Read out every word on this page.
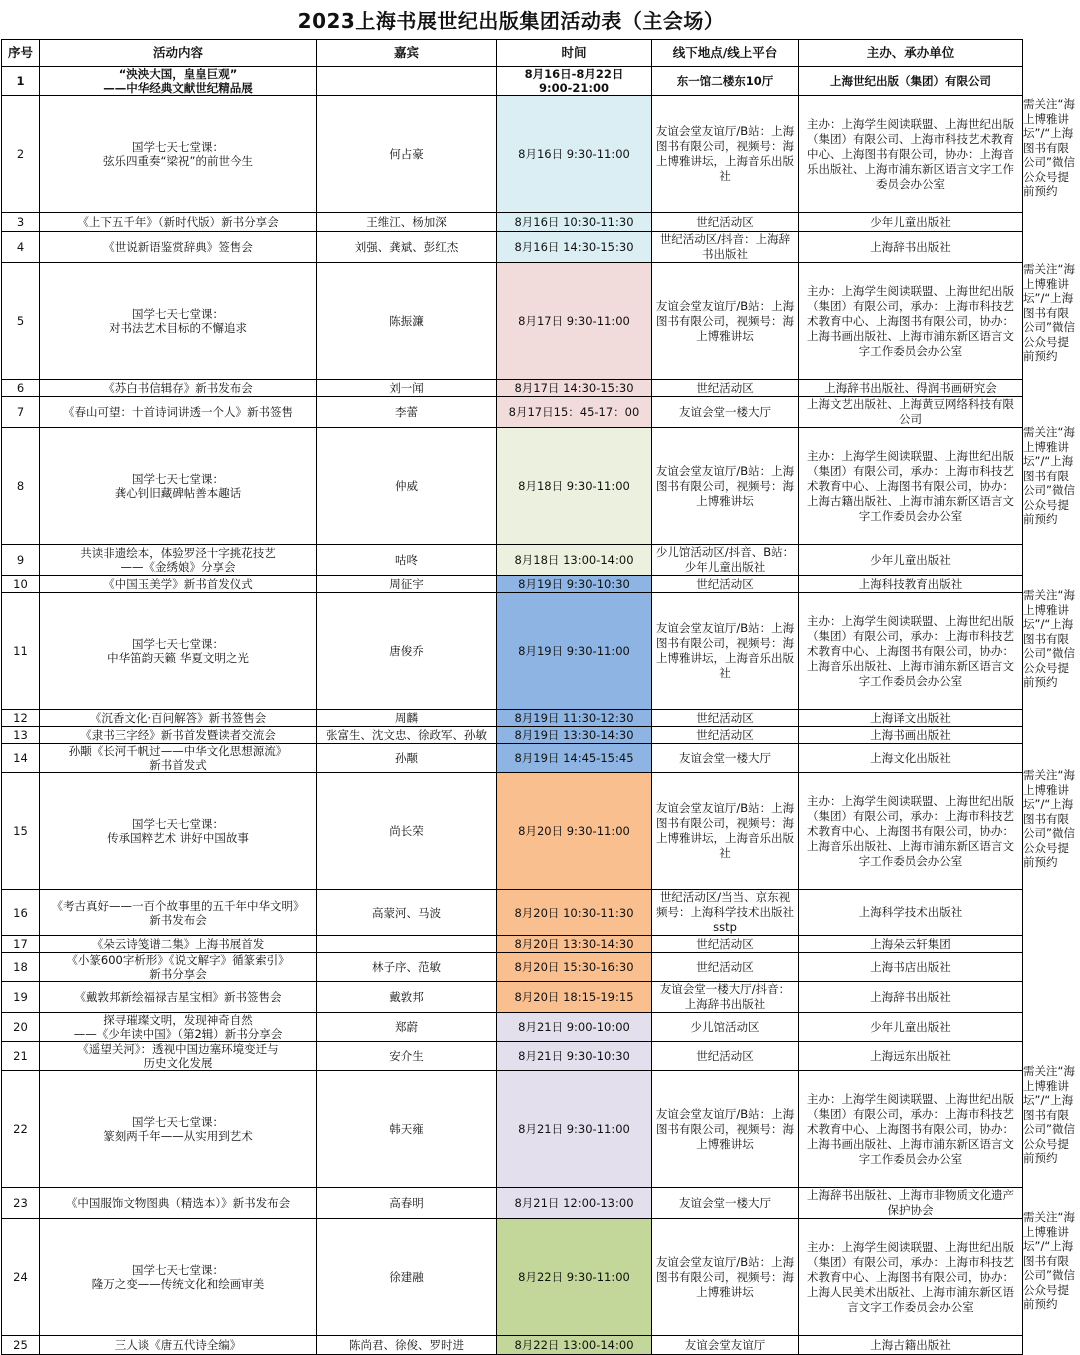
2023上海书展世纪出版集团活动表（主会场）
序号	活动内容	嘉宾	时间	线下地点/线上平台	主办、承办单位
1	“泱泱大国，皇皇巨观”
——中华经典文献世纪精品展		8月16日-8月22日
9:00-21:00	东一馆二楼东10厅	上海世纪出版（集团）有限公司
2	国学七天七堂课：
弦乐四重奏“梁祝”的前世今生	何占豪	8月16日 9:30-11:00	友谊会堂友谊厅/B站：上海图书有限公司，视频号：海上博雅讲坛，上海音乐出版社	主办：上海学生阅读联盟、上海世纪出版（集团）有限公司、上海市科技艺术教育中心、上海图书有限公司，协办：上海音乐出版社、上海市浦东新区语言文字工作委员会办公室
3	《上下五千年》（新时代版）新书分享会	王维江、杨加深	8月16日 10:30-11:30	世纪活动区	少年儿童出版社
4	《世说新语鉴赏辞典》签售会	刘强、龚斌、彭红杰	8月16日 14:30-15:30	世纪活动区/抖音：上海辞书出版社	上海辞书出版社
5	国学七天七堂课：
对书法艺术目标的不懈追求	陈振濂	8月17日 9:30-11:00	友谊会堂友谊厅/B站：上海图书有限公司，视频号：海上博雅讲坛	主办：上海学生阅读联盟、上海世纪出版（集团）有限公司，承办：上海市科技艺术教育中心、上海图书有限公司，协办：上海书画出版社、上海市浦东新区语言文字工作委员会办公室
6	《苏白书信辑存》新书发布会	刘一闻	8月17日 14:30-15:30	世纪活动区	上海辞书出版社、得润书画研究会
7	《春山可望：十首诗词讲透一个人》新书签售	李蕾	8月17日15：45-17：00	友谊会堂一楼大厅	上海文艺出版社、上海黄豆网络科技有限公司
8	国学七天七堂课：
龚心钊旧藏碑帖善本趣话	仲威	8月18日 9:30-11:00	友谊会堂友谊厅/B站：上海图书有限公司，视频号：海上博雅讲坛	主办：上海学生阅读联盟、上海世纪出版（集团）有限公司，承办：上海市科技艺术教育中心、上海图书有限公司，协办：上海古籍出版社、上海市浦东新区语言文字工作委员会办公室
9	共读非遗绘本，体验罗泾十字挑花技艺
——《金绣娘》分享会	咕咚	8月18日 13:00-14:00	少儿馆活动区/抖音、B站：少年儿童出版社	少年儿童出版社
10	《中国玉美学》新书首发仪式	周征宇	8月19日 9:30-10:30	世纪活动区	上海科技教育出版社
11	国学七天七堂课：
中华笛韵天籁 华夏文明之光	唐俊乔	8月19日 9:30-11:00	友谊会堂友谊厅/B站：上海图书有限公司，视频号：海上博雅讲坛，上海音乐出版社	主办：上海学生阅读联盟、上海世纪出版（集团）有限公司，承办：上海市科技艺术教育中心、上海图书有限公司，协办：上海音乐出版社、上海市浦东新区语言文字工作委员会办公室
12	《沉香文化·百问解答》新书签售会	周麟	8月19日 11:30-12:30	世纪活动区	上海译文出版社
13	《隶书三字经》新书首发暨读者交流会	张富生、沈文忠、徐政军、孙敏	8月19日 13:30-14:30	世纪活动区	上海书画出版社
14	孙颙《长河千帆过——中华文化思想源流》
新书首发式	孙颙	8月19日 14:45-15:45	友谊会堂一楼大厅	上海文化出版社
15	国学七天七堂课：
传承国粹艺术 讲好中国故事	尚长荣	8月20日 9:30-11:00	友谊会堂友谊厅/B站：上海图书有限公司，视频号：海上博雅讲坛，上海音乐出版社	主办：上海学生阅读联盟、上海世纪出版（集团）有限公司，承办：上海市科技艺术教育中心、上海图书有限公司，协办：上海音乐出版社、上海市浦东新区语言文字工作委员会办公室
16	《考古真好——一百个故事里的五千年中华文明》
新书发布会	高蒙河、马波	8月20日 10:30-11:30	世纪活动区/当当、京东视频号：上海科学技术出版社sstp	上海科学技术出版社
17	《朵云诗笺谱二集》上海书展首发		8月20日 13:30-14:30	世纪活动区	上海朵云轩集团
18	《小篆600字析形》《说文解字》循篆索引》
新书分享会	林子序、范敏	8月20日 15:30-16:30	世纪活动区	上海书店出版社
19	《戴敦邦新绘福禄吉星宝相》新书签售会	戴敦邦	8月20日 18:15-19:15	友谊会堂一楼大厅/抖音：上海辞书出版社	上海辞书出版社
20	探寻璀璨文明，发现神奇自然
——《少年读中国》（第2辑）新书分享会	郑蔚	8月21日 9:00-10:00	少儿馆活动区	少年儿童出版社
21	《遥望关河》：透视中国边塞环境变迁与
历史文化发展	安介生	8月21日 9:30-10:30	世纪活动区	上海远东出版社
22	国学七天七堂课：
篆刻两千年——从实用到艺术	韩天雍	8月21日 9:30-11:00	友谊会堂友谊厅/B站：上海图书有限公司，视频号：海上博雅讲坛	主办：上海学生阅读联盟、上海世纪出版（集团）有限公司，承办：上海市科技艺术教育中心、上海图书有限公司，协办：上海书画出版社、上海市浦东新区语言文字工作委员会办公室
23	《中国服饰文物图典（精选本）》新书发布会	高春明	8月21日 12:00-13:00	友谊会堂一楼大厅	上海辞书出版社、上海市非物质文化遗产保护协会
24	国学七天七堂课：
隆万之变——传统文化和绘画审美	徐建融	8月22日 9:30-11:00	友谊会堂友谊厅/B站：上海图书有限公司，视频号：海上博雅讲坛	主办：上海学生阅读联盟、上海世纪出版（集团）有限公司，承办：上海市科技艺术教育中心、上海图书有限公司，协办：上海人民美术出版社、上海市浦东新区语言文字工作委员会办公室
25	三人谈《唐五代诗全编》	陈尚君、徐俊、罗时进	8月22日 13:00-14:00	友谊会堂友谊厅	上海古籍出版社
需关注“海上博雅讲坛”/“上海图书有限公司”微信公众号提前预约
需关注“海上博雅讲坛”/“上海图书有限公司”微信公众号提前预约
需关注“海上博雅讲坛”/“上海图书有限公司”微信公众号提前预约
需关注“海上博雅讲坛”/“上海图书有限公司”微信公众号提前预约
需关注“海上博雅讲坛”/“上海图书有限公司”微信公众号提前预约
需关注“海上博雅讲坛”/“上海图书有限公司”微信公众号提前预约
需关注“海上博雅讲坛”/“上海图书有限公司”微信公众号提前预约
